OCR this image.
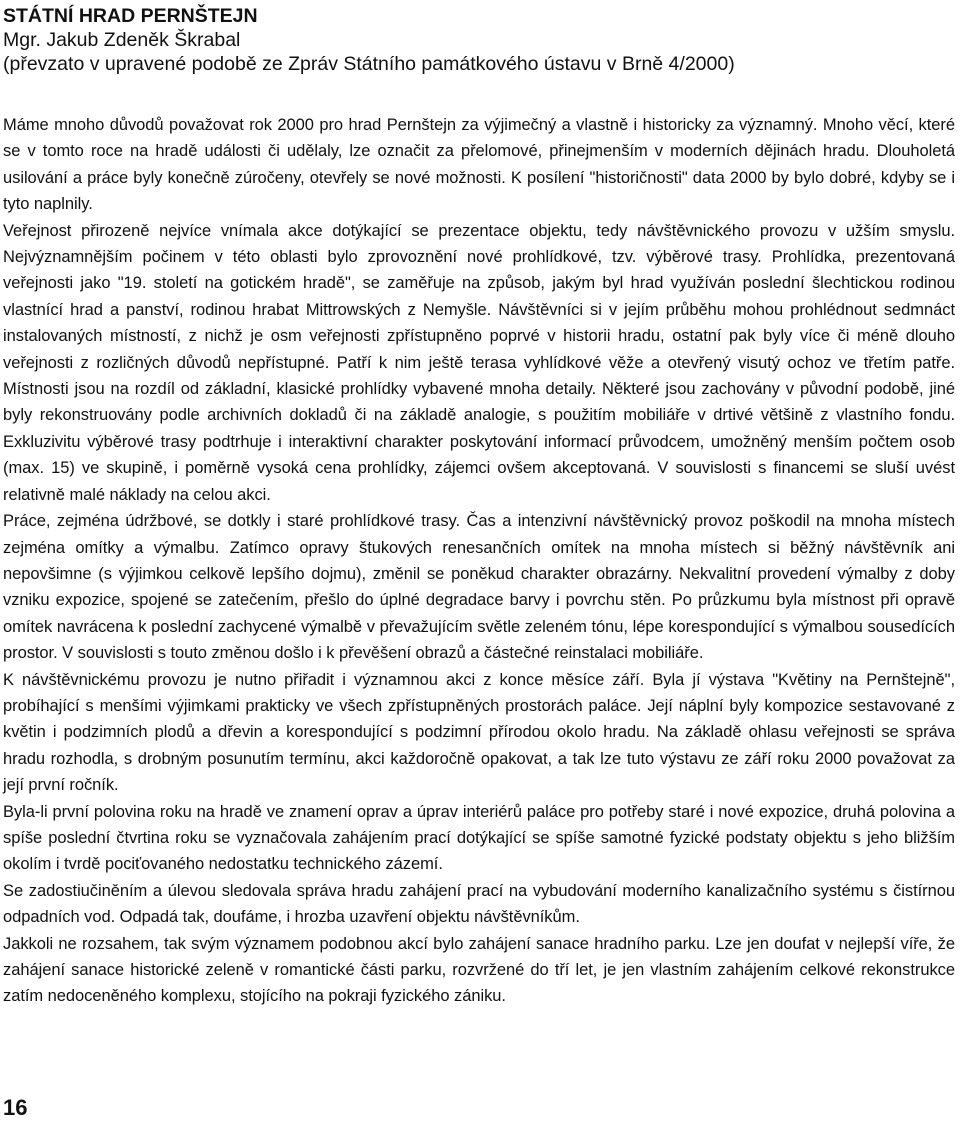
STÁTNÍ HRAD PERNŠTEJN

Mgr. Jakub Zdeněk Škrabal

(převzato v upravené podobě ze Zpráv Státního památkového ústavu v Brně 4/2000)

Máme mnoho důvodů považovat rok 2000 pro hrad Pernštejn za výjimečný a vlastně i historicky za významný. Mnoho věcí, které se v tomto roce na hradě události či udělaly, lze označit za přelomové, přinejmenším v moderních dějinách hradu. Dlouholetá usilování a práce byly konečně zúročeny, otevřely se nové možnosti. K posílení "historičnosti" data 2000 by bylo dobré, kdyby se i tyto naplnily.

Veřejnost přirozeně nejvíce vnímala akce dotýkající se prezentace objektu, tedy návštěvnického provozu v užším smyslu. Nejvýznamnějším počinem v této oblasti bylo zprovoznění nové prohlídkové, tzv. výběrové trasy. Prohlídka, prezentovaná veřejnosti jako "19. století na gotickém hradě", se zaměřuje na způsob, jakým byl hrad využíván poslední šlechtickou rodinou vlastnící hrad a panství, rodinou hrabat Mittrowských z Nemyšle. Návštěvníci si v jejím průběhu mohou prohlédnout sedmnáct instalovaných místností, z nichž je osm veřejnosti zpřístupněno poprvé v historii hradu, ostatní pak byly více či méně dlouho veřejnosti z rozličných důvodů nepřístupné. Patří k nim ještě terasa vyhlídkové věže a otevřený visutý ochoz ve třetím patře. Místnosti jsou na rozdíl od základní, klasické prohlídky vybavené mnoha detaily. Některé jsou zachovány v původní podobě, jiné byly rekonstruovány podle archivních dokladů či na základě analogie, s použitím mobiliáře v drtivé většině z vlastního fondu. Exkluzivitu výběrové trasy podtrhuje i interaktivní charakter poskytování informací průvodcem, umožněný menším počtem osob (max. 15) ve skupině, i poměrně vysoká cena prohlídky, zájemci ovšem akceptovaná. V souvislosti s financemi se sluší uvést relativně malé náklady na celou akci.

Práce, zejména údržbové, se dotkly i staré prohlídkové trasy. Čas a intenzivní návštěvnický provoz poškodil na mnoha místech zejména omítky a výmalbu. Zatímco opravy štukových renesančních omítek na mnoha místech si běžný návštěvník ani nepovšimne (s výjimkou celkově lepšího dojmu), změnil se poněkud charakter obrazárny. Nekvalitní provedení výmalby z doby vzniku expozice, spojené se zatečením, přešlo do úplné degradace barvy i povrchu stěn. Po průzkumu byla místnost při opravě omítek navrácena k poslední zachycené výmalbě v převažujícím světle zeleném tónu, lépe korespondující s výmalbou sousedících prostor. V souvislosti s touto změnou došlo i k převěšení obrazů a částečné reinstalaci mobiliáře.

K návštěvnickému provozu je nutno přiřadit i významnou akci z konce měsíce září. Byla jí výstava "Květiny na Pernštejně", probíhající s menšími výjimkami prakticky ve všech zpřístupněných prostorách paláce. Její náplní byly kompozice sestavované z květin i podzimních plodů a dřevin a korespondující s podzimní přírodou okolo hradu. Na základě ohlasu veřejnosti se správa hradu rozhodla, s drobným posunutím termínu, akci každoročně opakovat, a tak lze tuto výstavu ze září roku 2000 považovat za její první ročník.

Byla-li první polovina roku na hradě ve znamení oprav a úprav interiérů paláce pro potřeby staré i nové expozice, druhá polovina a spíše poslední čtvrtina roku se vyznačovala zahájením prací dotýkající se spíše samotné fyzické podstaty objektu s jeho bližším okolím i tvrdě pociťovaného nedostatku technického zázemí.

Se zadostiučiněním a úlevou sledovala správa hradu zahájení prací na vybudování moderního kanalizačního systému s čistírnou odpadních vod. Odpadá tak, doufáme, i hrozba uzavření objektu návštěvníkům.

Jakkoli ne rozsahem, tak svým významem podobnou akcí bylo zahájení sanace hradního parku. Lze jen doufat v nejlepší víře, že zahájení sanace historické zeleně v romantické části parku, rozvržené do tří let, je jen vlastním zahájením celkové rekonstrukce zatím nedoceněného komplexu, stojícího na pokraji fyzického zániku.

16
